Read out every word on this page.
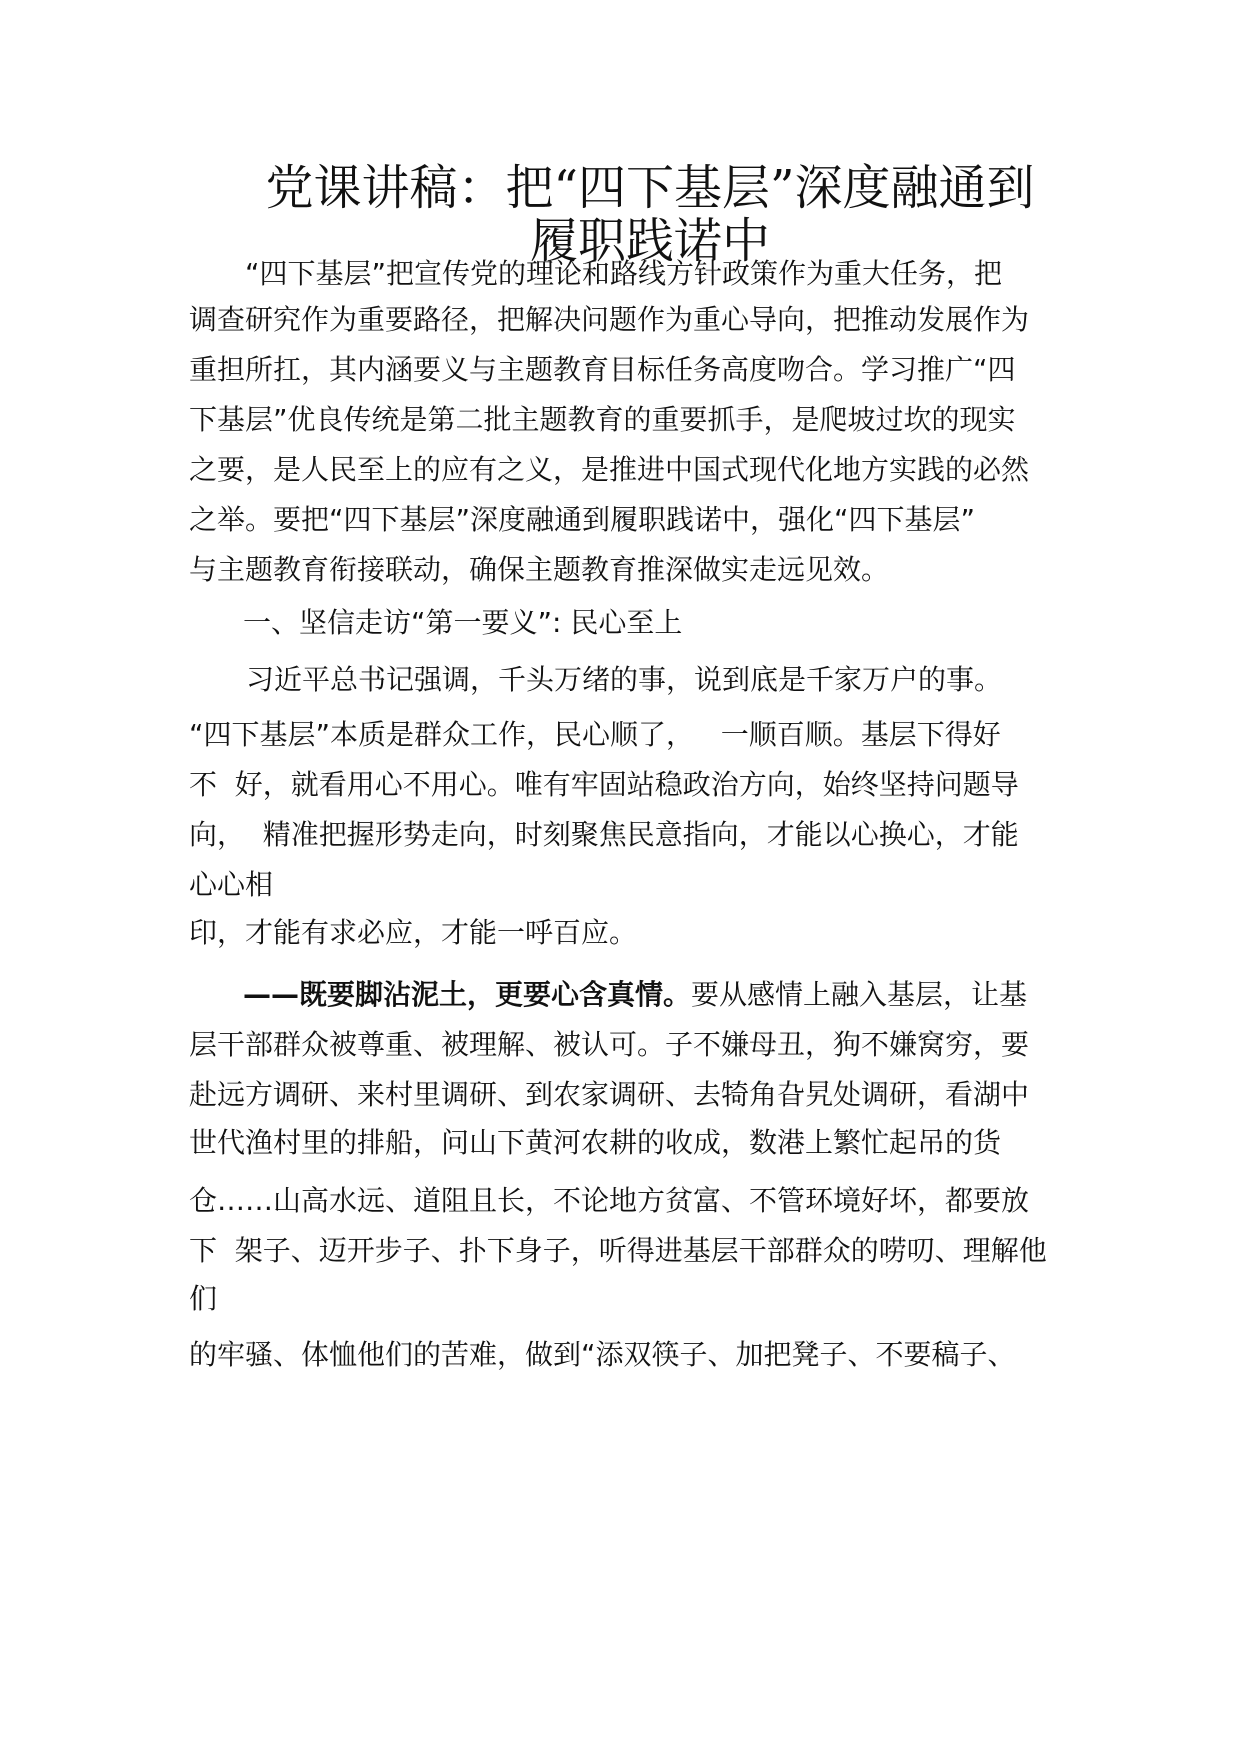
党课讲稿：把“四下基层”深度融通到
履职践诺中
“四下基层”把宣传党的理论和路线方针政策作为重大任务，把
调查研究作为重要路径，把解决问题作为重心导向，把推动发展作为
重担所扛，其内涵要义与主题教育目标任务高度吻合。学习推广“四
下基层”优良传统是第二批主题教育的重要抓手，是爬坡过坎的现实
之要，是人民至上的应有之义，是推进中国式现代化地方实践的必然
之举。要把“四下基层”深度融通到履职践诺中，强化“四下基层”
与主题教育衔接联动，确保主题教育推深做实走远见效。
一、坚信走访“第一要义”: 民心至上
习近平总书记强调，千头万绪的事，说到底是千家万户的事。
“四下基层”本质是群众工作，民心顺了，   一顺百顺。基层下得好
不  好，就看用心不用心。唯有牢固站稳政治方向，始终坚持问题导
向，  精准把握形势走向，时刻聚焦民意指向，才能以心换心，才能
心心相
印，才能有求必应，才能一呼百应。
——既要脚沾泥土，更要心含真情。要从感情上融入基层，让基
层干部群众被尊重、被理解、被认可。子不嫌母丑，狗不嫌窝穷，要
赴远方调研、来村里调研、到农家调研、去犄角旮旯处调研，看湖中
世代渔村里的排船，问山下黄河农耕的收成，数港上繁忙起吊的货
仓……山高水远、道阻且长，不论地方贫富、不管环境好坏，都要放
下  架子、迈开步子、扑下身子，听得进基层干部群众的唠叨、理解他
们
的牢骚、体恤他们的苦难，做到“添双筷子、加把凳子、不要稿子、
